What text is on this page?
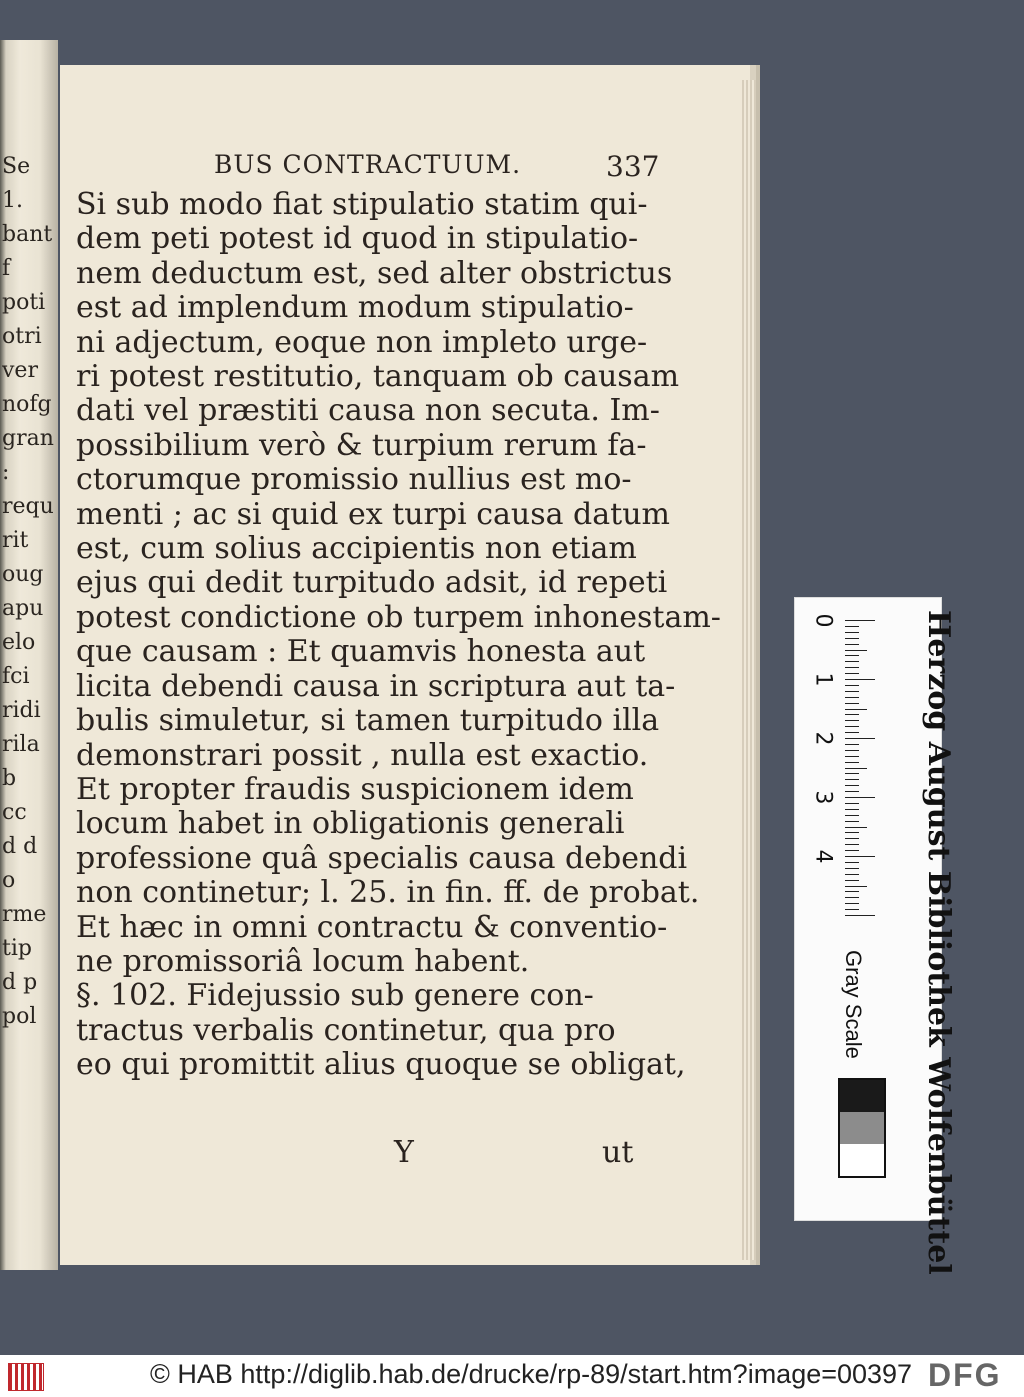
Se
1.
bant
f
poti
otri
ver
nofg
gran
:
requ
rit
oug
apu
elo
fci
ridi
rila
b
cc
d d
o
rme
tip
d p
pol
BUS CONTRACTUUM.	337
Si sub modo fiat stipulatio statim qui-
dem peti potest id quod in stipulatio-
nem deductum est, sed alter obstrictus
est ad implendum modum stipulatio-
ni adjectum, eoque non impleto urge-
ri potest restitutio, tanquam ob causam
dati vel præstiti causa non secuta. Im-
possibilium verò & turpium rerum fa-
ctorumque promissio nullius est mo-
menti ; ac si quid ex turpi causa datum
est, cum solius accipientis non etiam
ejus qui dedit turpitudo adsit, id repeti
potest condictione ob turpem inhonestam-
que causam : Et quamvis honesta aut
licita debendi causa in scriptura aut ta-
bulis simuletur, si tamen turpitudo illa
demonstrari possit , nulla est exactio.
Et propter fraudis suspicionem idem
locum habet in obligationis generali
professione quâ specialis causa debendi
non continetur; l. 25. in fin. ff. de probat.
Et hæc in omni contractu & conventio-
ne promissoriâ locum habent.
§. 102. Fidejussio sub genere con-
tractus verbalis continetur, qua pro
eo qui promittit alius quoque se obligat,
Y	ut	Herzog August Bibliothek Wolfenbüttel
0
1
2
3
4
Gray Scale
© HAB http://diglib.hab.de/drucke/rp-89/start.htm?image=00397 DFG
